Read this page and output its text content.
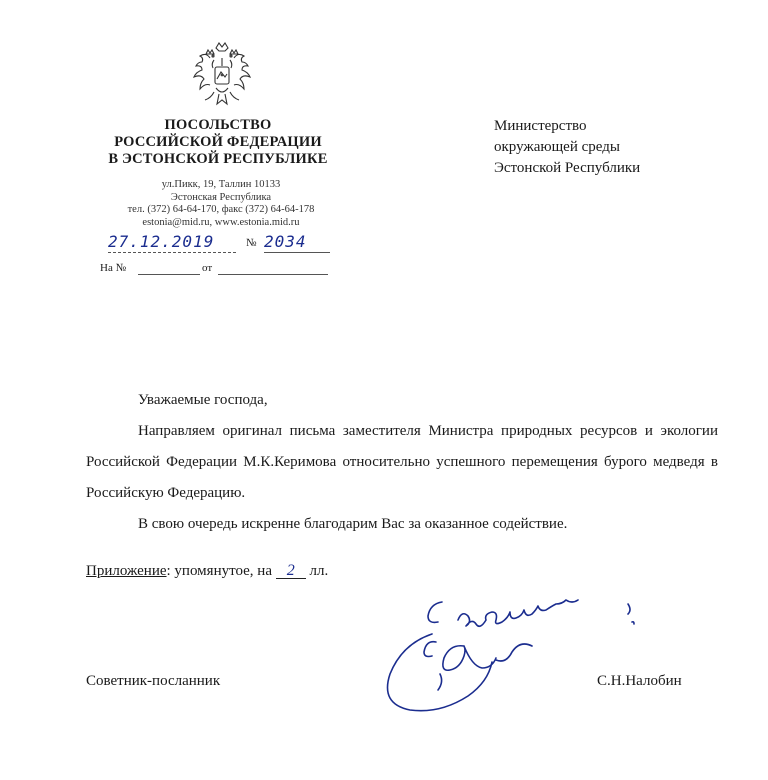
ПОСОЛЬСТВО
РОССИЙСКОЙ ФЕДЕРАЦИИ
В ЭСТОНСКОЙ РЕСПУБЛИКЕ
ул.Пикк, 19, Таллин 10133
Эстонская Республика
тел. (372) 64-64-170, факс (372) 64-64-178
estonia@mid.ru, www.estonia.mid.ru
27.12.2019	№ 2034
На №	от
Министерство
окружающей среды
Эстонской Республики

Уважаемые господа,

Направляем оригинал письма заместителя Министра природных ресурсов и экологии Российской Федерации М.К.Керимова относительно успешного перемещения бурого медведя в Российскую Федерацию.

В свою очередь искренне благодарим Вас за оказанное содействие.

Приложение: упомянутое, на 2 лл.
Советник-посланник	С.Н.Налобин
